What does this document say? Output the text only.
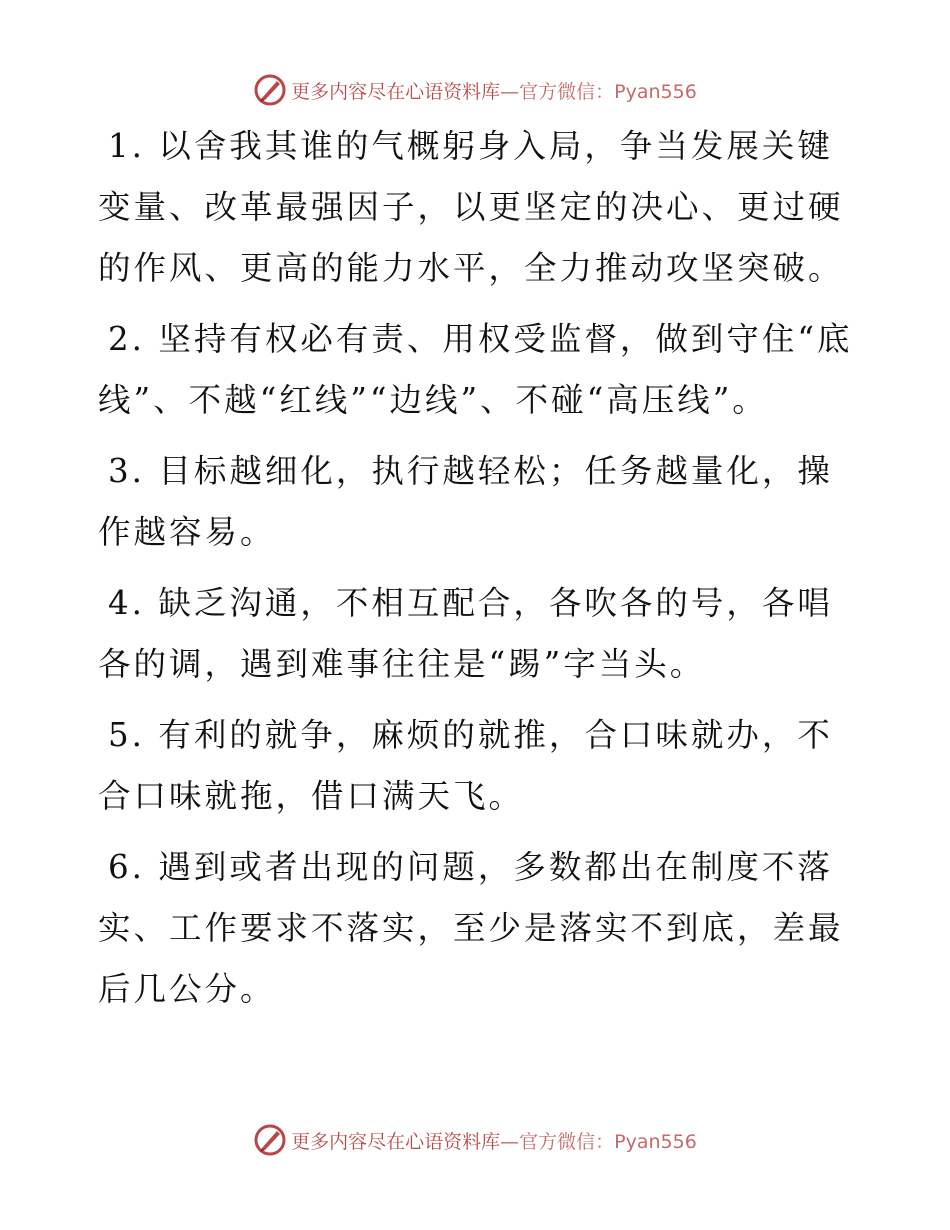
更多内容尽在心语资料库—官方微信：Pyan556

1. 以舍我其谁的气概躬身入局，争当发展关键变量、改革最强因子，以更坚定的决心、更过硬的作风、更高的能力水平，全力推动攻坚突破。

2. 坚持有权必有责、用权受监督，做到守住“底线”、不越“红线”“边线”、不碰“高压线”。

3. 目标越细化，执行越轻松；任务越量化，操作越容易。

4. 缺乏沟通，不相互配合，各吹各的号，各唱各的调，遇到难事往往是“踢”字当头。

5. 有利的就争，麻烦的就推，合口味就办，不合口味就拖，借口满天飞。

6. 遇到或者出现的问题，多数都出在制度不落实、工作要求不落实，至少是落实不到底，差最后几公分。

更多内容尽在心语资料库—官方微信：Pyan556
